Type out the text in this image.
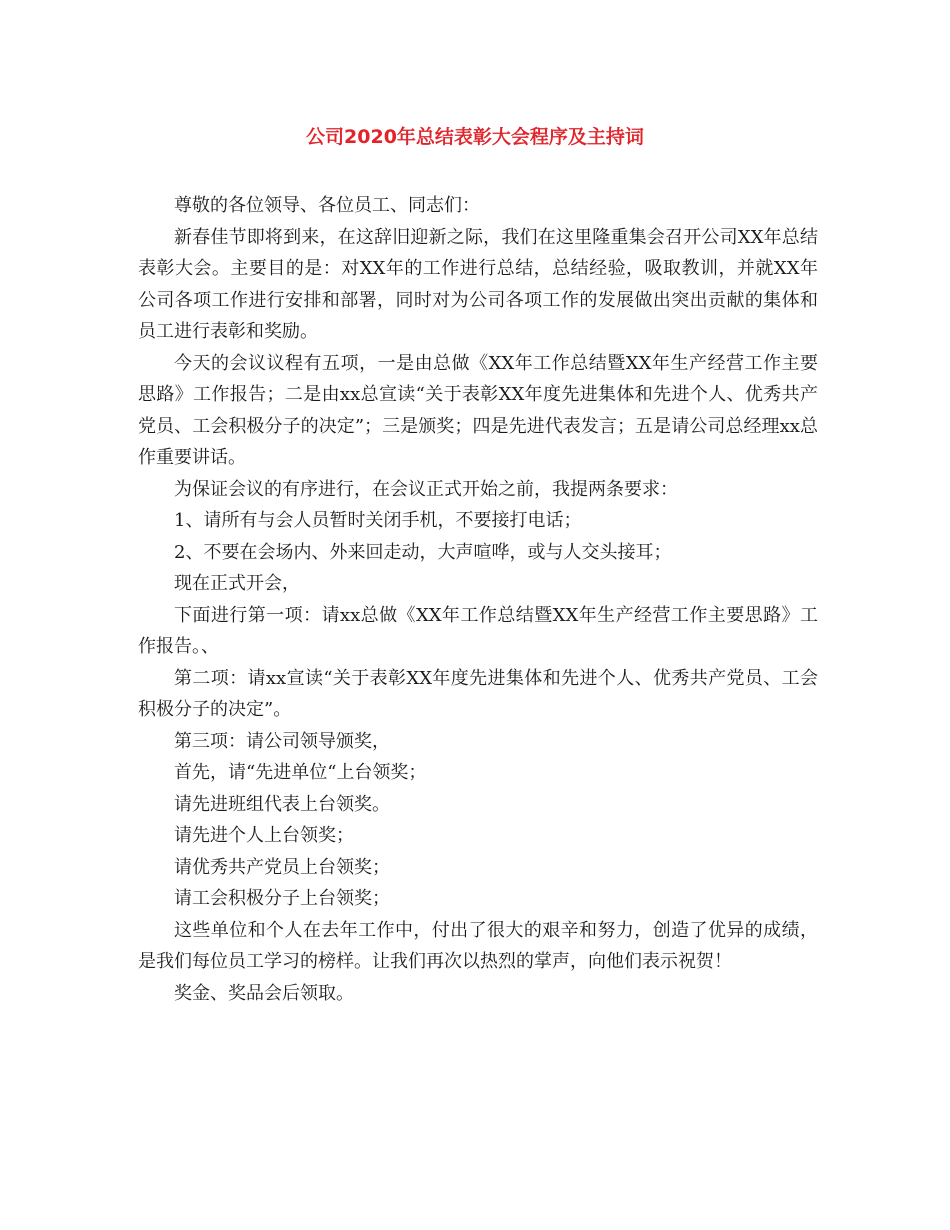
公司2020年总结表彰大会程序及主持词

尊敬的各位领导、各位员工、同志们：

新春佳节即将到来，在这辞旧迎新之际，我们在这里隆重集会召开公司XX年总结表彰大会。主要目的是：对XX年的工作进行总结，总结经验，吸取教训，并就XX年公司各项工作进行安排和部署，同时对为公司各项工作的发展做出突出贡献的集体和员工进行表彰和奖励。

今天的会议议程有五项，一是由总做《XX年工作总结暨XX年生产经营工作主要思路》工作报告；二是由xx总宣读“关于表彰XX年度先进集体和先进个人、优秀共产党员、工会积极分子的决定”；三是颁奖；四是先进代表发言；五是请公司总经理xx总作重要讲话。

为保证会议的有序进行，在会议正式开始之前，我提两条要求：

1、请所有与会人员暂时关闭手机，不要接打电话；

2、不要在会场内、外来回走动，大声喧哗，或与人交头接耳；

现在正式开会，

下面进行第一项：请xx总做《XX年工作总结暨XX年生产经营工作主要思路》工作报告。、

第二项：请xx宣读“关于表彰XX年度先进集体和先进个人、优秀共产党员、工会积极分子的决定”。

第三项：请公司领导颁奖，

首先，请“先进单位“上台领奖；

请先进班组代表上台领奖。

请先进个人上台领奖；

请优秀共产党员上台领奖；

请工会积极分子上台领奖；

这些单位和个人在去年工作中，付出了很大的艰辛和努力，创造了优异的成绩，是我们每位员工学习的榜样。让我们再次以热烈的掌声，向他们表示祝贺！

奖金、奖品会后领取。
